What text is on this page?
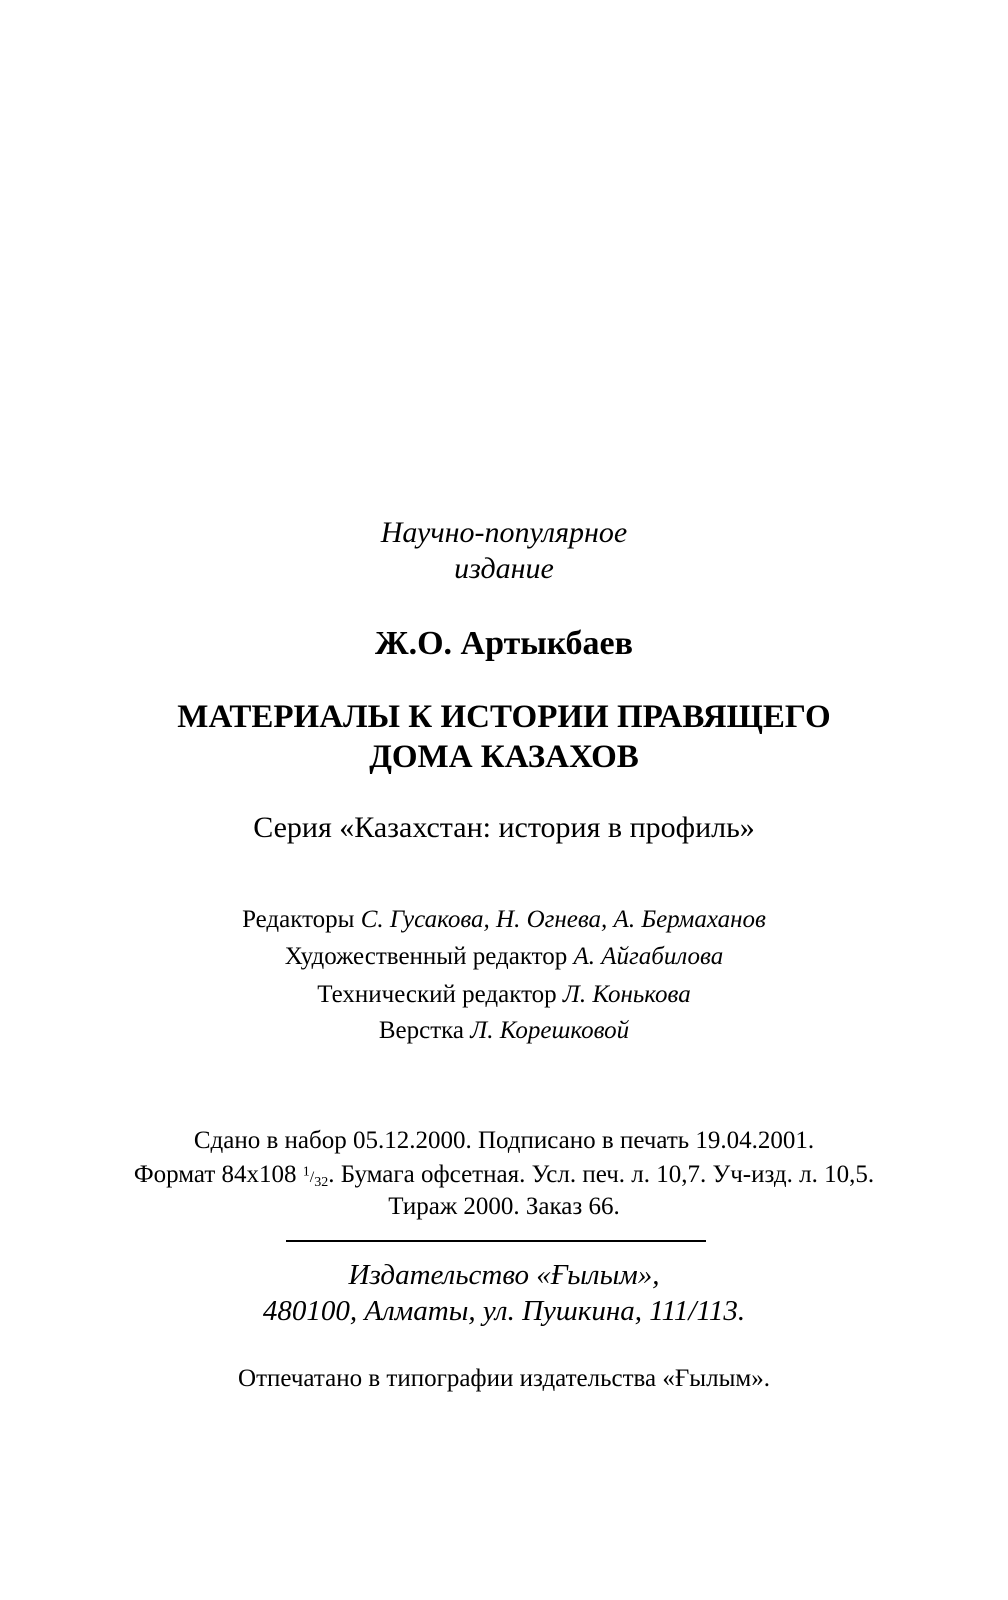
Научно-популярное

издание

Ж.О. Артыкбаев

МАТЕРИАЛЫ К ИСТОРИИ ПРАВЯЩЕГО

ДОМА КАЗАХОВ

Серия «Казахстан: история в профиль»

Редакторы С. Гусакова, Н. Огнева, А. Бермаханов

Художественный редактор А. Айгабилова

Технический редактор Л. Конькова

Верстка Л. Корешковой

Сдано в набор 05.12.2000. Подписано в печать 19.04.2001.

Формат 84x108 $^1/_{32}$. Бумага офсетная. Усл. печ. л. 10,7. Уч-изд. л. 10,5.

Тираж 2000. Заказ 66.

Издательство «Ғылым»,

480100, Алматы, ул. Пушкина, 111/113.

Отпечатано в типографии издательства «Ғылым».
